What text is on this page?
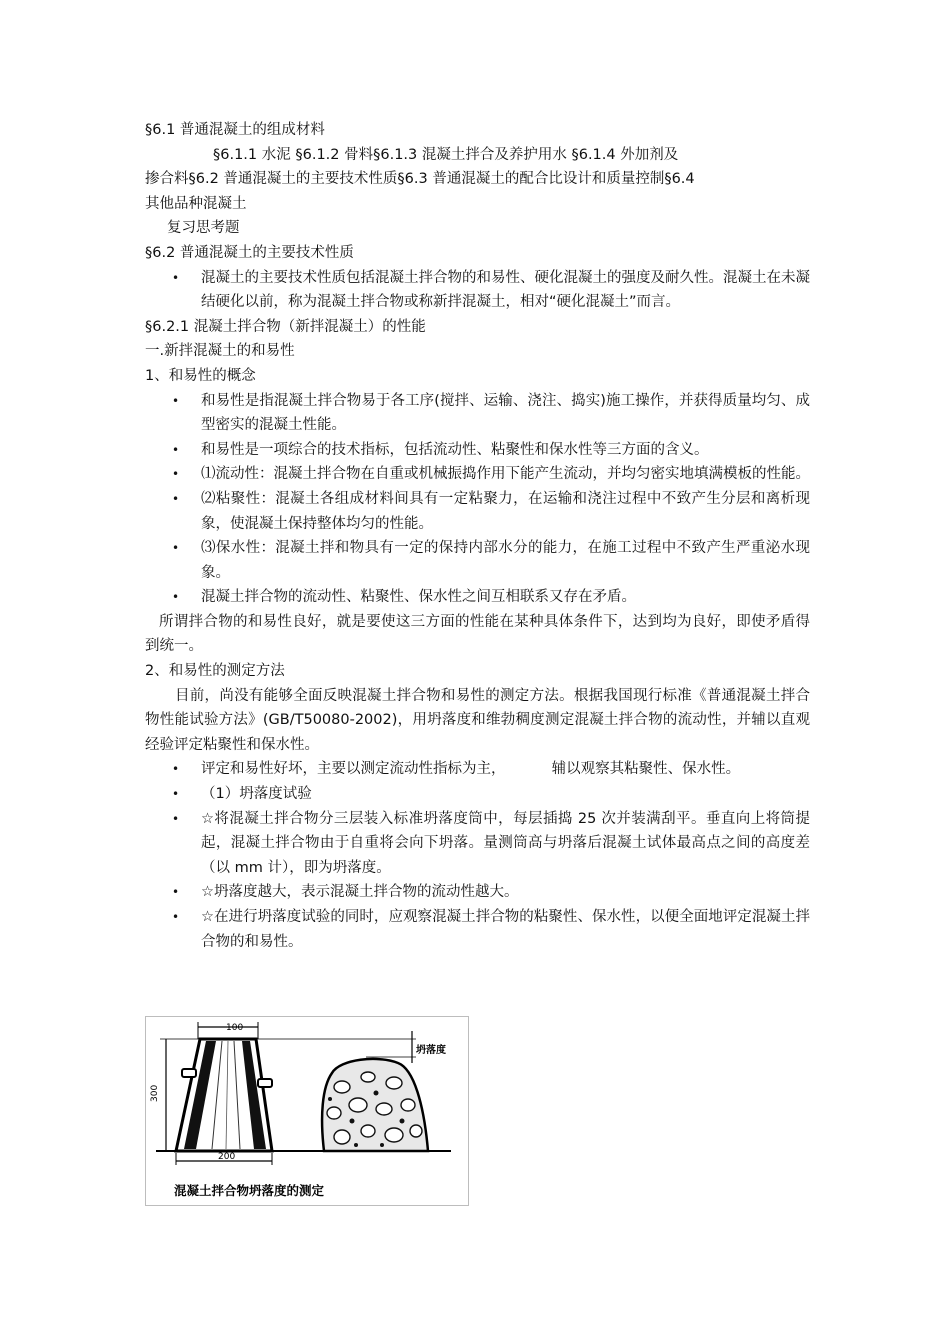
§6.1 普通混凝土的组成材料
§6.1.1 水泥 §6.1.2 骨料§6.1.3 混凝土拌合及养护用水 §6.1.4 外加剂及
掺合料§6.2 普通混凝土的主要技术性质§6.3 普通混凝土的配合比设计和质量控制§6.4
其他品种混凝土
复习思考题
§6.2 普通混凝土的主要技术性质
• 混凝土的主要技术性质包括混凝土拌合物的和易性、硬化混凝土的强度及耐久性。混凝土在未凝结硬化以前，称为混凝土拌合物或称新拌混凝土，相对“硬化混凝土”而言。
§6.2.1 混凝土拌合物（新拌混凝土）的性能
一.新拌混凝土的和易性
1、和易性的概念
• 和易性是指混凝土拌合物易于各工序(搅拌、运输、浇注、捣实)施工操作，并获得质量均匀、成型密实的混凝土性能。
• 和易性是一项综合的技术指标，包括流动性、粘聚性和保水性等三方面的含义。
• ⑴流动性：混凝土拌合物在自重或机械振捣作用下能产生流动，并均匀密实地填满模板的性能。
• ⑵粘聚性：混凝土各组成材料间具有一定粘聚力，在运输和浇注过程中不致产生分层和离析现象，使混凝土保持整体均匀的性能。
• ⑶保水性：混凝土拌和物具有一定的保持内部水分的能力，在施工过程中不致产生严重泌水现象。
• 混凝土拌合物的流动性、粘聚性、保水性之间互相联系又存在矛盾。
所谓拌合物的和易性良好，就是要使这三方面的性能在某种具体条件下，达到均为良好，即使矛盾得到统一。
2、和易性的测定方法
目前，尚没有能够全面反映混凝土拌合物和易性的测定方法。根据我国现行标准《普通混凝土拌合物性能试验方法》(GB/T50080-2002)，用坍落度和维勃稠度测定混凝土拌合物的流动性，并辅以直观经验评定粘聚性和保水性。
• 评定和易性好坏，主要以测定流动性指标为主，          辅以观察其粘聚性、保水性。
• （1）坍落度试验
• ☆将混凝土拌合物分三层装入标准坍落度筒中，每层插捣 25 次并装满刮平。垂直向上将筒提起，混凝土拌合物由于自重将会向下坍落。量测筒高与坍落后混凝土试体最高点之间的高度差（以 mm 计），即为坍落度。
• ☆坍落度越大，表示混凝土拌合物的流动性越大。
• ☆在进行坍落度试验的同时，应观察混凝土拌合物的粘聚性、保水性，以便全面地评定混凝土拌合物的和易性。
100
300
200
坍落度
混凝土拌合物坍落度的测定
